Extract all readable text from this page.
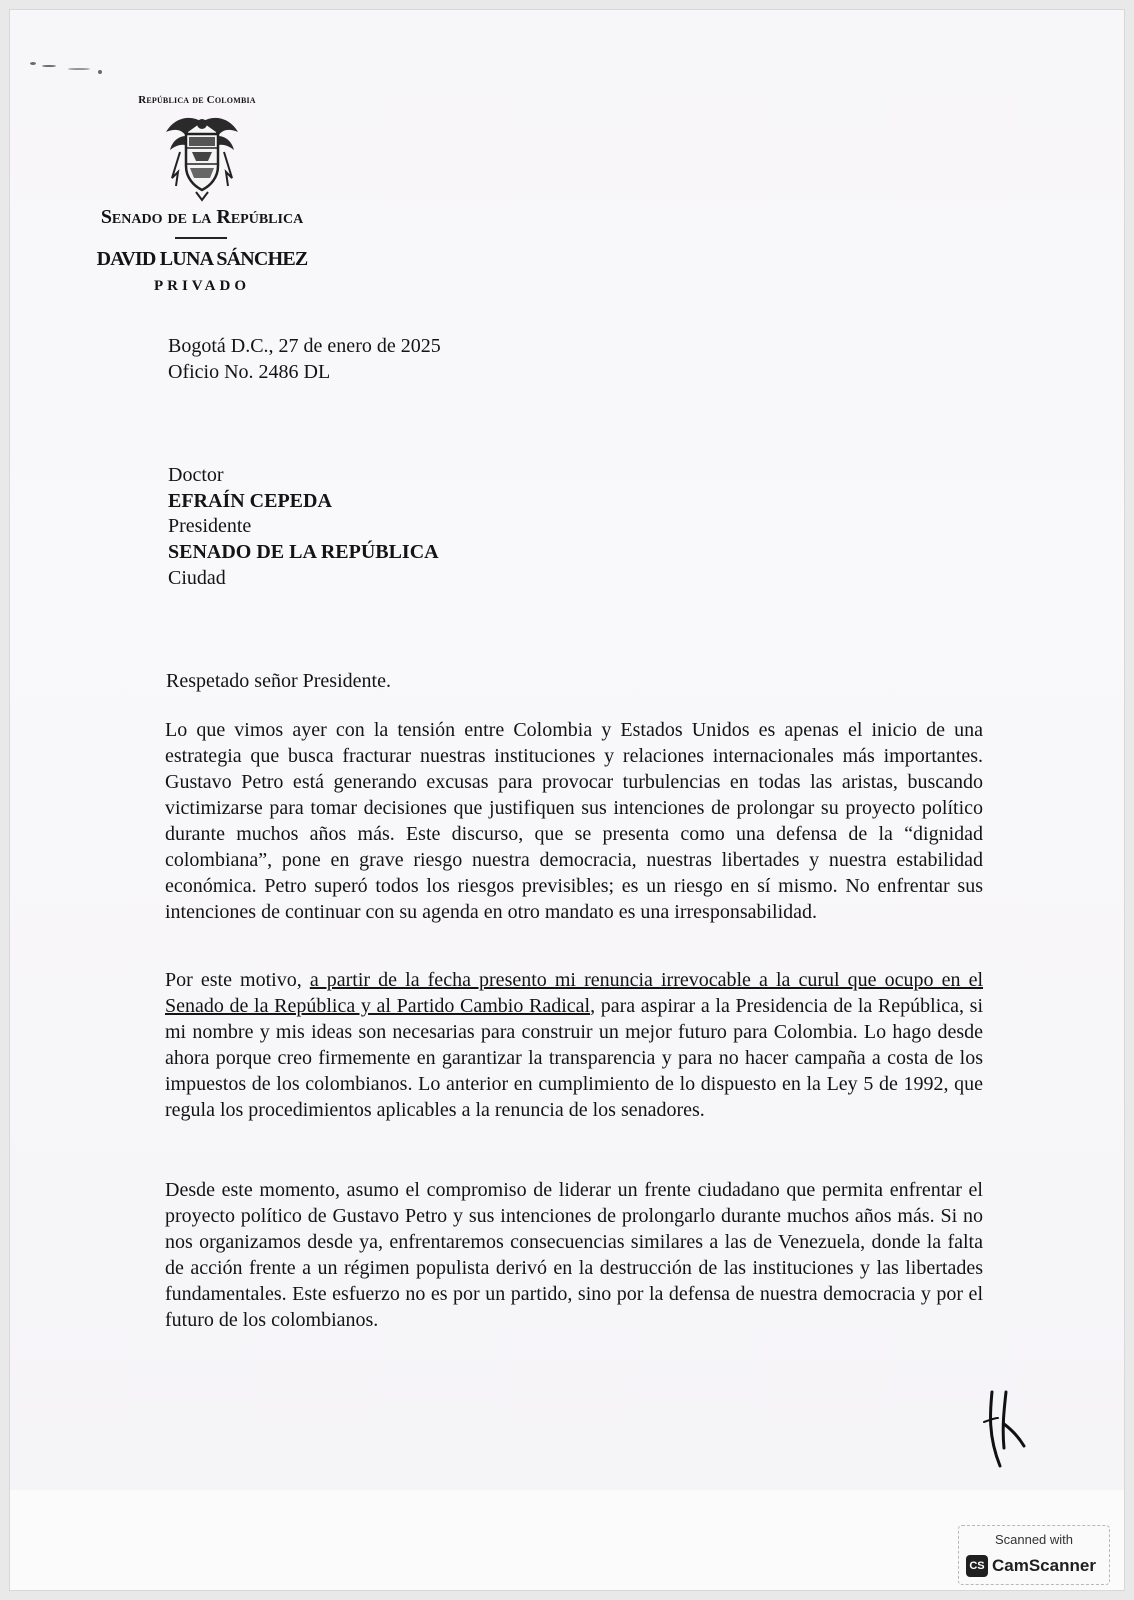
República de Colombia
Senado de la República
DAVID LUNA SÁNCHEZ
PRIVADO
Bogotá D.C., 27 de enero de 2025
Oficio No. 2486 DL
Doctor
EFRAÍN CEPEDA
Presidente
SENADO DE LA REPÚBLICA
Ciudad
Respetado señor Presidente.

Lo que vimos ayer con la tensión entre Colombia y Estados Unidos es apenas el inicio de una estrategia que busca fracturar nuestras instituciones y relaciones internacionales más importantes. Gustavo Petro está generando excusas para provocar turbulencias en todas las aristas, buscando victimizarse para tomar decisiones que justifiquen sus intenciones de prolongar su proyecto político durante muchos años más. Este discurso, que se presenta como una defensa de la “dignidad colombiana”, pone en grave riesgo nuestra democracia, nuestras libertades y nuestra estabilidad económica. Petro superó todos los riesgos previsibles; es un riesgo en sí mismo. No enfrentar sus intenciones de continuar con su agenda en otro mandato es una irresponsabilidad.

Por este motivo, a partir de la fecha presento mi renuncia irrevocable a la curul que ocupo en el Senado de la República y al Partido Cambio Radical, para aspirar a la Presidencia de la República, si mi nombre y mis ideas son necesarias para construir un mejor futuro para Colombia. Lo hago desde ahora porque creo firmemente en garantizar la transparencia y para no hacer campaña a costa de los impuestos de los colombianos. Lo anterior en cumplimiento de lo dispuesto en la Ley 5 de 1992, que regula los procedimientos aplicables a la renuncia de los senadores.

Desde este momento, asumo el compromiso de liderar un frente ciudadano que permita enfrentar el proyecto político de Gustavo Petro y sus intenciones de prolongarlo durante muchos años más. Si no nos organizamos desde ya, enfrentaremos consecuencias similares a las de Venezuela, donde la falta de acción frente a un régimen populista derivó en la destrucción de las instituciones y las libertades fundamentales. Este esfuerzo no es por un partido, sino por la defensa de nuestra democracia y por el futuro de los colombianos.

Scanned with
CS CamScanner
